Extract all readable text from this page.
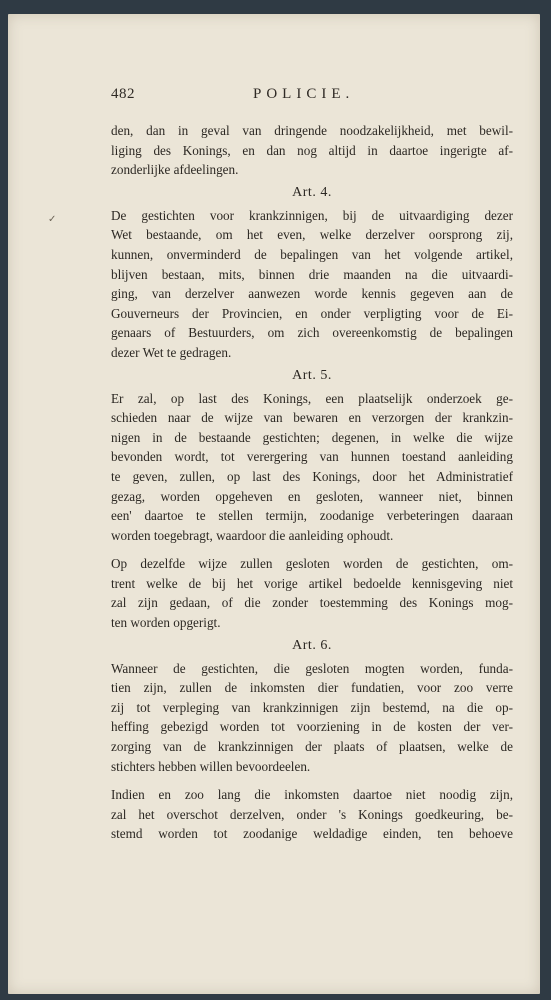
✓
482	POLICIE.

den, dan in geval van dringende noodzakelijkheid, met bewil-
liging des Konings, en dan nog altijd in daartoe ingerigte af-
zonderlijke afdeelingen.

Art. 4.

De gestichten voor krankzinnigen, bij de uitvaardiging dezer
Wet bestaande, om het even, welke derzelver oorsprong zij,
kunnen, onverminderd de bepalingen van het volgende artikel,
blijven bestaan, mits, binnen drie maanden na die uitvaardi-
ging, van derzelver aanwezen worde kennis gegeven aan de
Gouverneurs der Provincien, en onder verpligting voor de Ei-
genaars of Bestuurders, om zich overeenkomstig de bepalingen
dezer Wet te gedragen.

Art. 5.

Er zal, op last des Konings, een plaatselijk onderzoek ge-
schieden naar de wijze van bewaren en verzorgen der krankzin-
nigen in de bestaande gestichten; degenen, in welke die wijze
bevonden wordt, tot verergering van hunnen toestand aanleiding
te geven, zullen, op last des Konings, door het Administratief
gezag, worden opgeheven en gesloten, wanneer niet, binnen
een' daartoe te stellen termijn, zoodanige verbeteringen daaraan
worden toegebragt, waardoor die aanleiding ophoudt.

Op dezelfde wijze zullen gesloten worden de gestichten, om-
trent welke de bij het vorige artikel bedoelde kennisgeving niet
zal zijn gedaan, of die zonder toestemming des Konings mog-
ten worden opgerigt.

Art. 6.

Wanneer de gestichten, die gesloten mogten worden, funda-
tien zijn, zullen de inkomsten dier fundatien, voor zoo verre
zij tot verpleging van krankzinnigen zijn bestemd, na die op-
heffing gebezigd worden tot voorziening in de kosten der ver-
zorging van de krankzinnigen der plaats of plaatsen, welke de
stichters hebben willen bevoordeelen.

Indien en zoo lang die inkomsten daartoe niet noodig zijn,
zal het overschot derzelven, onder 's Konings goedkeuring, be-
stemd worden tot zoodanige weldadige einden, ten behoeve
